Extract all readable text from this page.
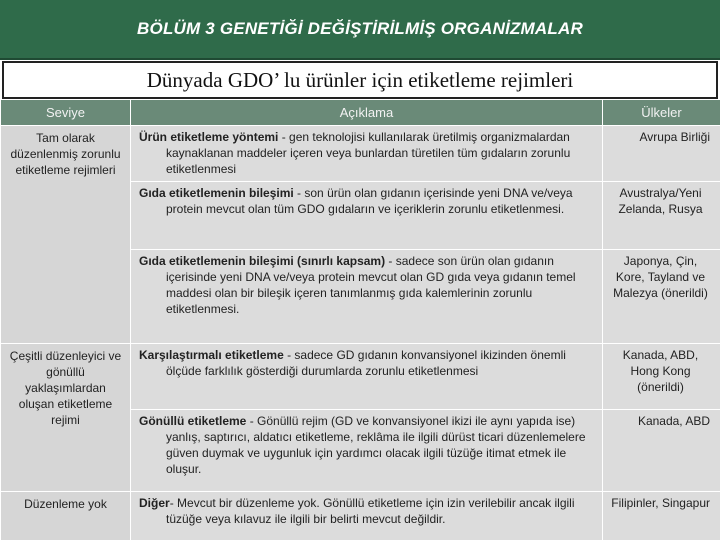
BÖLÜM 3 GENETİĞİ DEĞİŞTİRİLMİŞ ORGANİZMALAR
Dünyada GDO’ lu ürünler için etiketleme rejimleri
Seviye	Açıklama	Ülkeler
Tam olarak düzenlenmiş zorunlu etiketleme rejimleri	Ürün etiketleme yöntemi - gen teknolojisi kullanılarak üretilmiş organizmalardan kaynaklanan maddeler içeren veya bunlardan türetilen tüm gıdaların zorunlu etiketlenmesi	Avrupa Birliği

	Gıda etiketlemenin bileşimi - son ürün olan gıdanın içerisinde yeni DNA ve/veya protein mevcut olan tüm GDO gıdaların ve içeriklerin zorunlu etiketlenmesi.	Avustralya/Yeni Zelanda, Rusya

	Gıda etiketlemenin bileşimi (sınırlı kapsam) - sadece son ürün olan gıdanın içerisinde yeni DNA ve/veya protein mevcut olan GD gıda veya gıdanın temel maddesi olan bir bileşik içeren tanımlanmış gıda kalemlerinin zorunlu etiketlenmesi.	Japonya, Çin, Kore, Tayland ve Malezya (önerildi)
Çeşitli düzenleyici ve gönüllü yaklaşımlardan oluşan etiketleme rejimi	Karşılaştırmalı etiketleme - sadece GD gıdanın konvansiyonel ikizinden önemli ölçüde farklılık gösterdiği durumlarda zorunlu etiketlenmesi	Kanada, ABD, Hong Kong (önerildi)

	Gönüllü etiketleme - Gönüllü rejim (GD ve konvansiyonel ikizi ile aynı yapıda ise) yanlış, saptırıcı, aldatıcı etiketleme, reklâma ile ilgili dürüst ticari düzenlemelere güven duymak ve uygunluk için yardımcı olacak ilgili tüzüğe itimat etmek ile oluşur.	Kanada, ABD
Düzenleme yok	Diğer- Mevcut bir düzenleme yok. Gönüllü etiketleme için izin verilebilir ancak ilgili tüzüğe veya kılavuz ile ilgili bir belirti mevcut değildir.	Filipinler, Singapur
